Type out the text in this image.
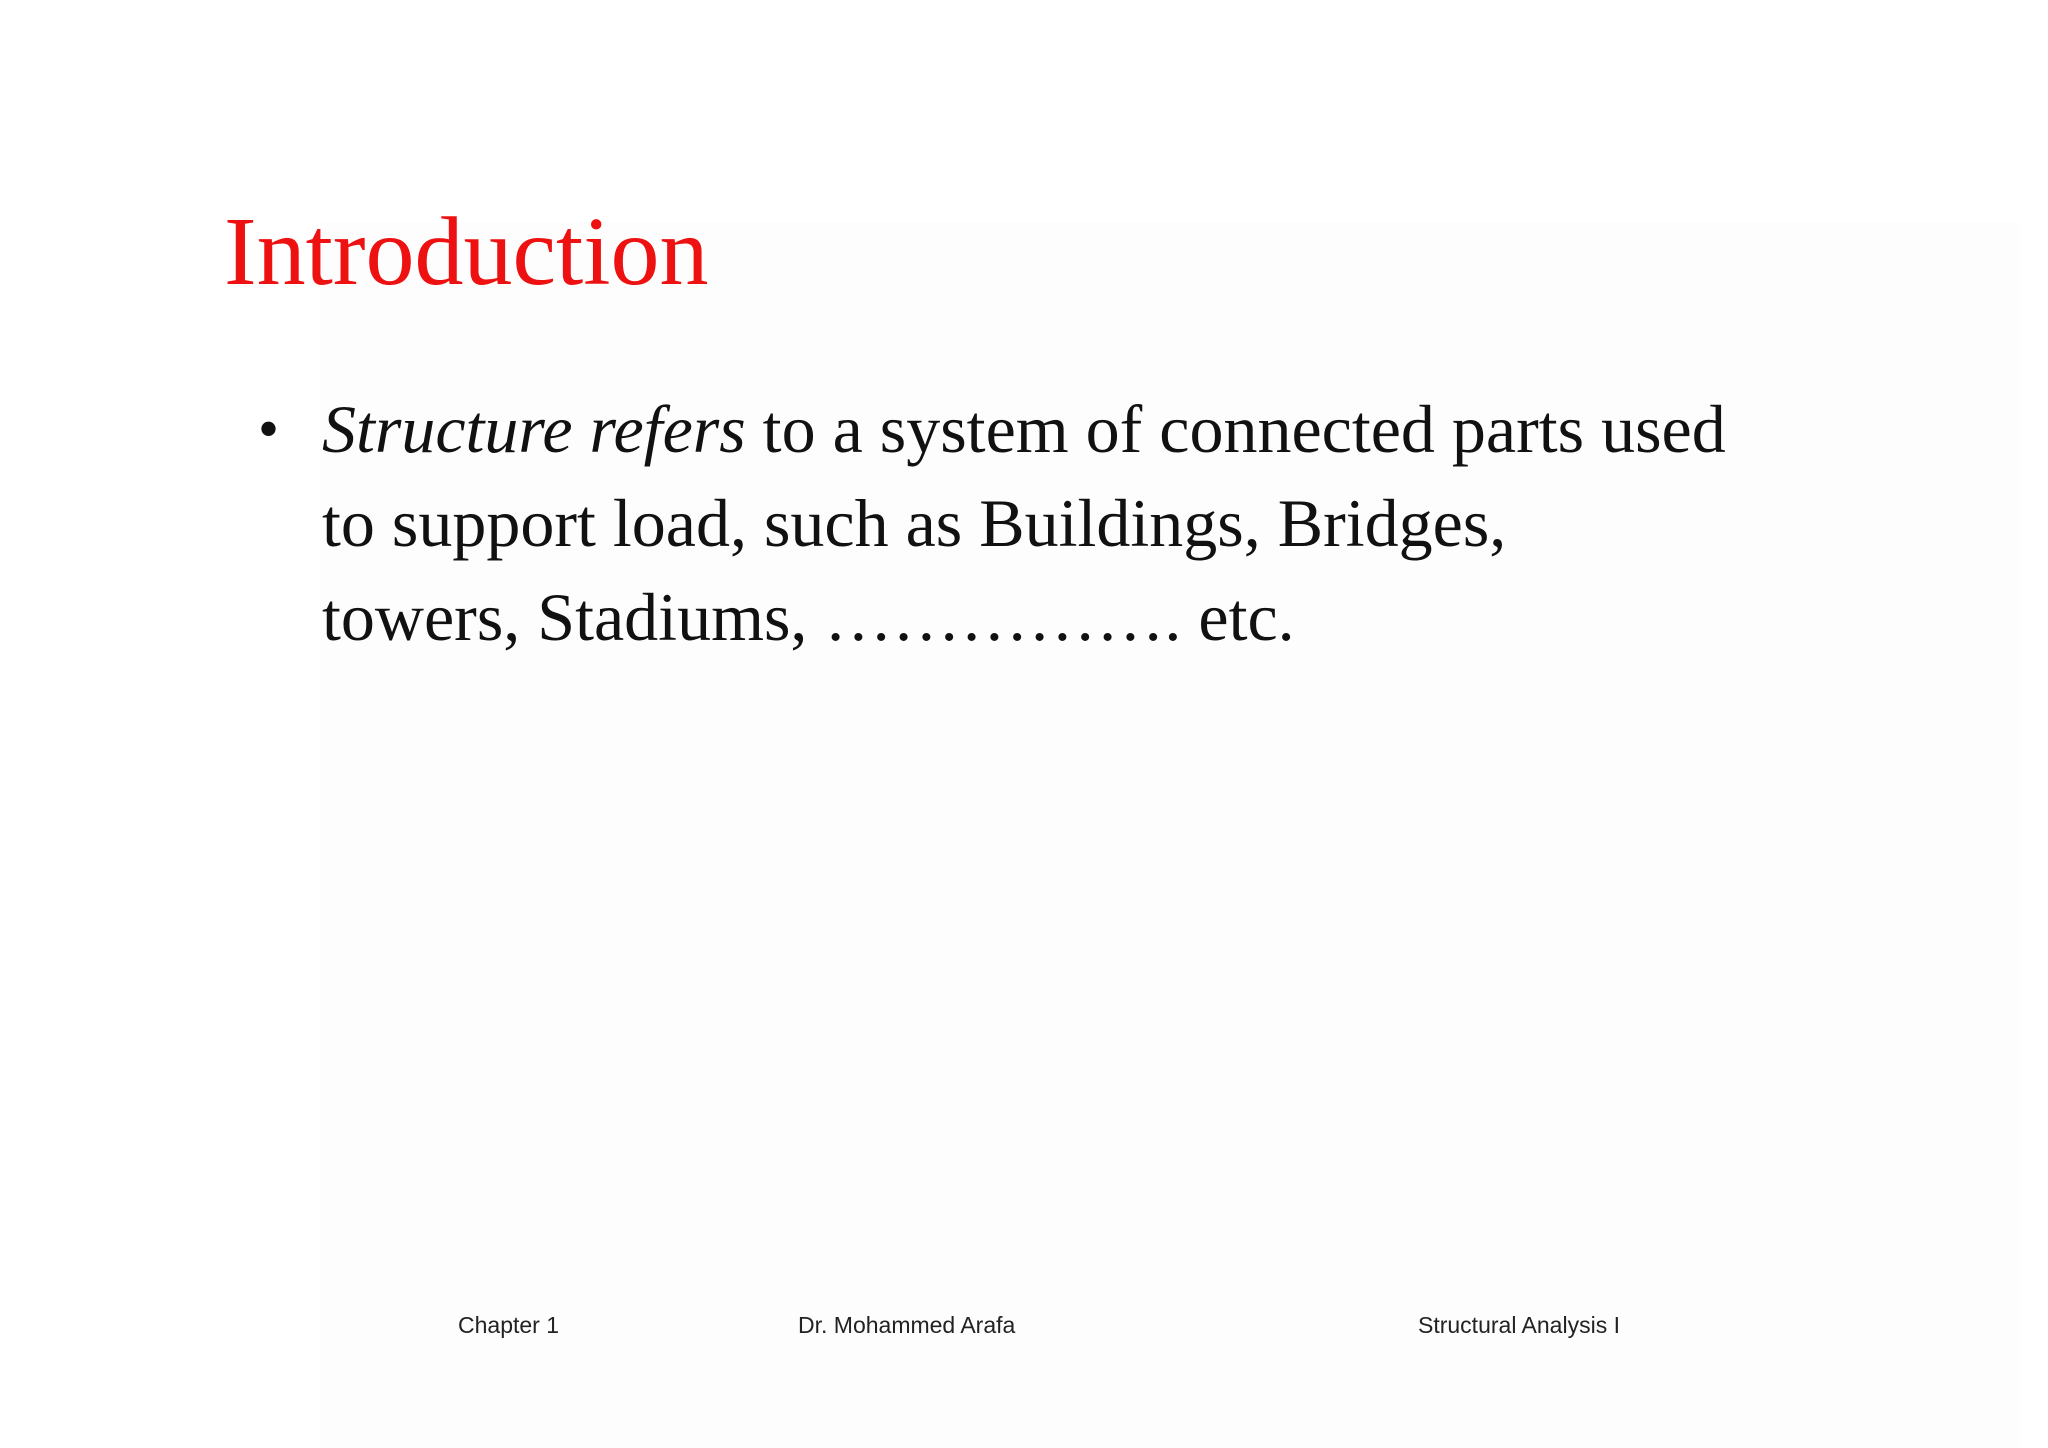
Introduction
• Structure refers to a system of connected parts used
to support load, such as Buildings, Bridges,
towers, Stadiums, ……………. etc.
Chapter 1	Dr. Mohammed Arafa	Structural Analysis I
